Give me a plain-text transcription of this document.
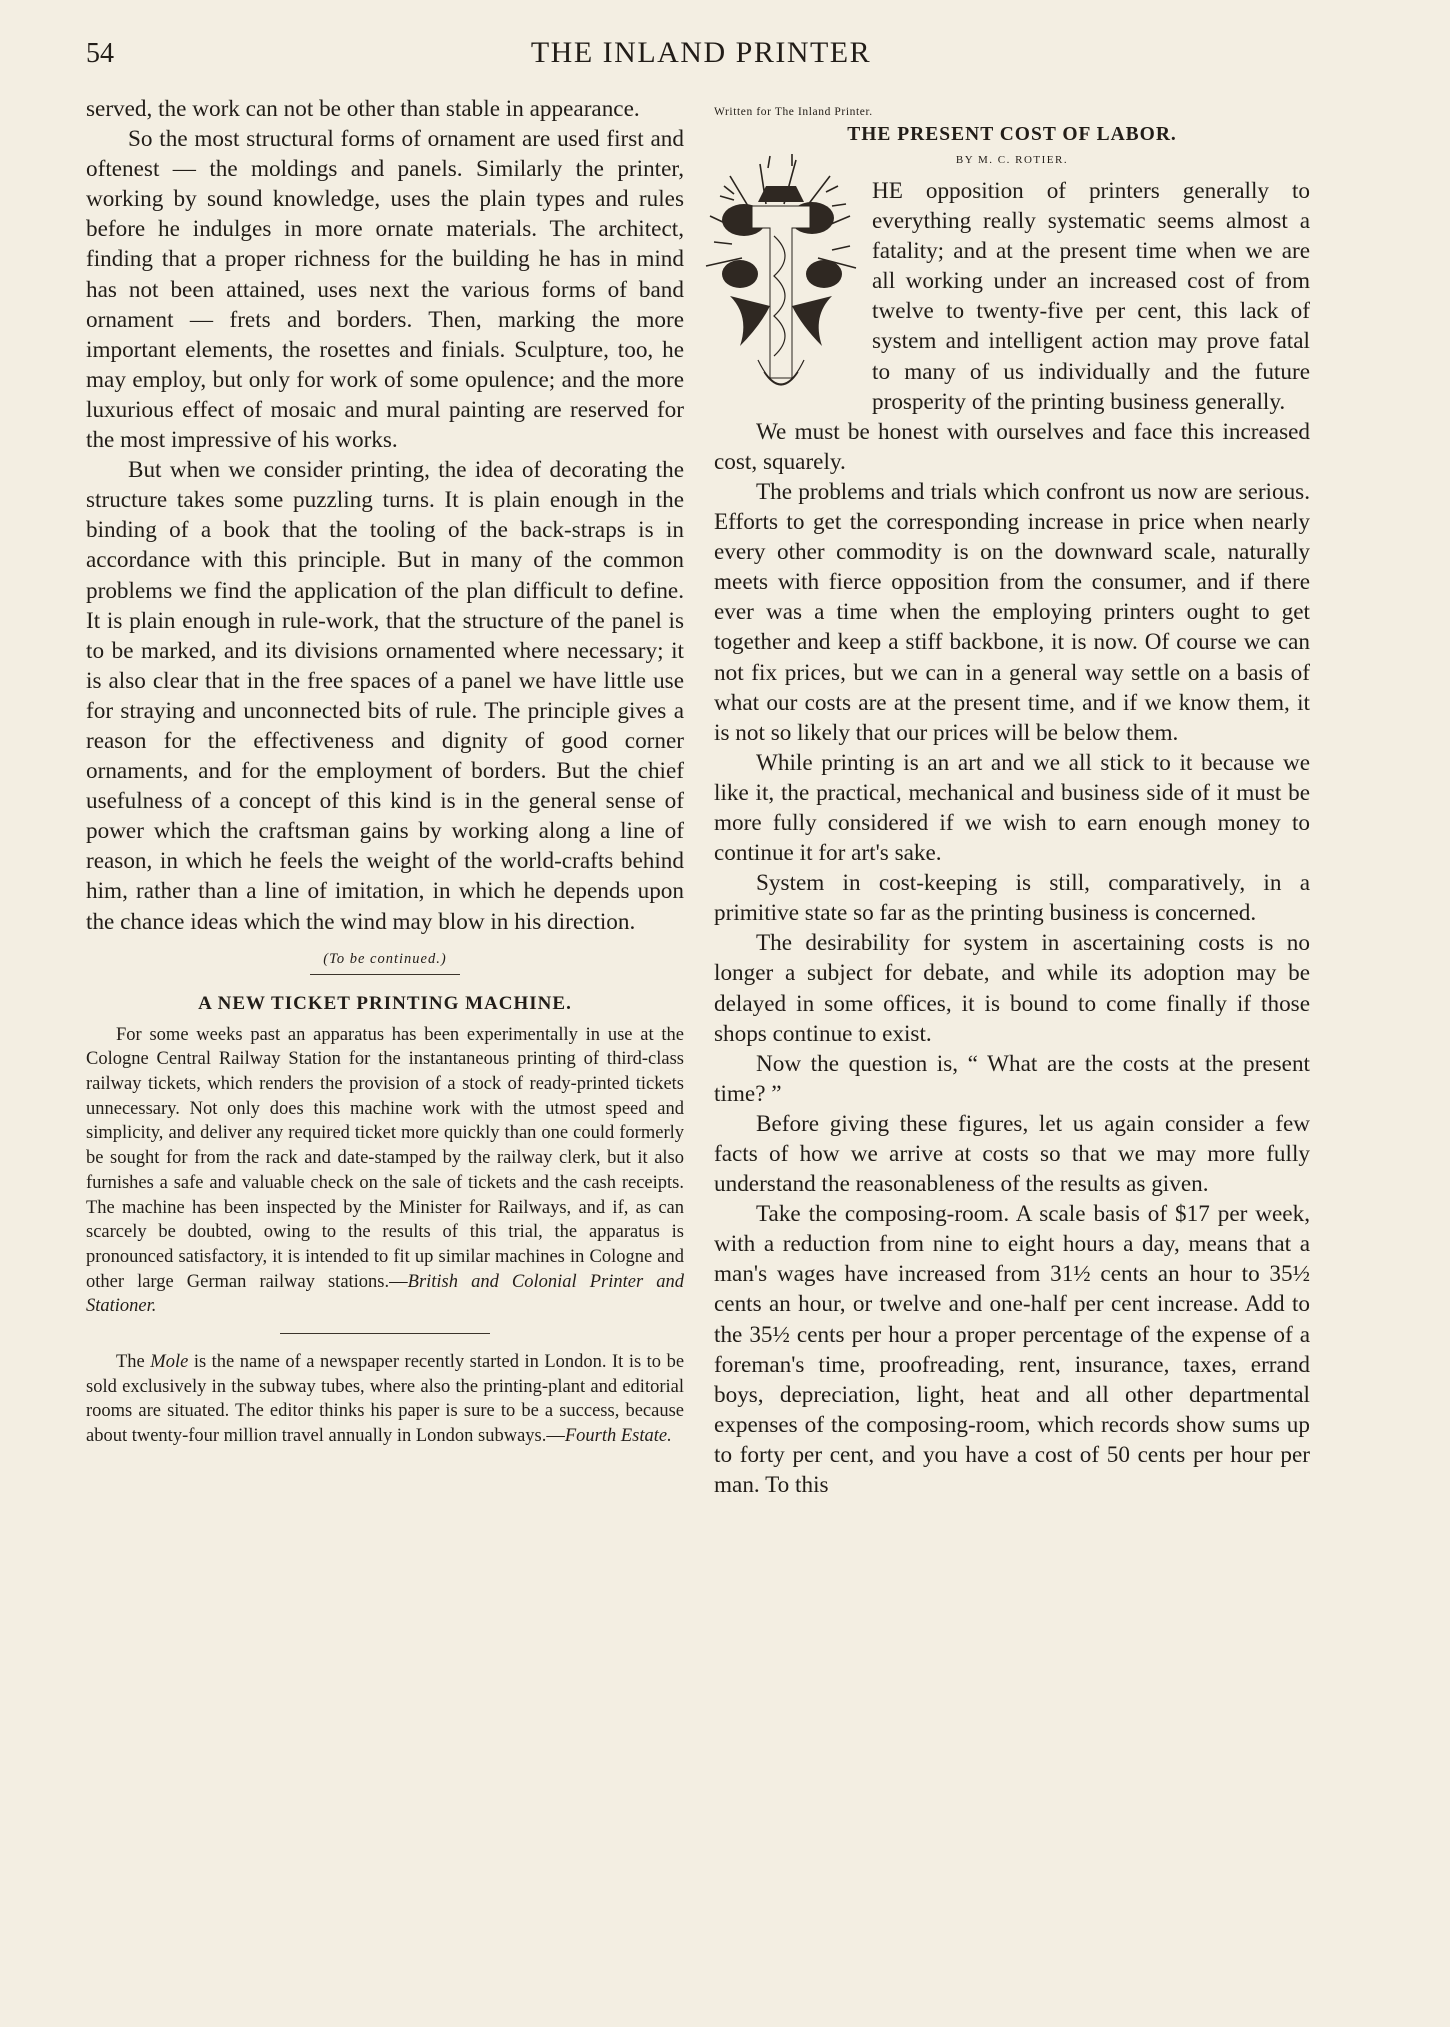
54	THE INLAND PRINTER

served, the work can not be other than stable in appearance.

So the most structural forms of ornament are used first and oftenest — the moldings and panels. Similarly the printer, working by sound knowledge, uses the plain types and rules before he indulges in more ornate materials. The architect, finding that a proper richness for the building he has in mind has not been attained, uses next the various forms of band ornament — frets and borders. Then, marking the more important elements, the rosettes and finials. Sculpture, too, he may employ, but only for work of some opulence; and the more luxurious effect of mosaic and mural painting are reserved for the most impressive of his works.

But when we consider printing, the idea of decorating the structure takes some puzzling turns. It is plain enough in the binding of a book that the tooling of the back-straps is in accordance with this principle. But in many of the common problems we find the application of the plan difficult to define. It is plain enough in rule-work, that the structure of the panel is to be marked, and its divisions ornamented where necessary; it is also clear that in the free spaces of a panel we have little use for straying and unconnected bits of rule. The principle gives a reason for the effectiveness and dignity of good corner ornaments, and for the employment of borders. But the chief usefulness of a concept of this kind is in the general sense of power which the craftsman gains by working along a line of reason, in which he feels the weight of the world-crafts behind him, rather than a line of imitation, in which he depends upon the chance ideas which the wind may blow in his direction.

(To be continued.)

A NEW TICKET PRINTING MACHINE.

For some weeks past an apparatus has been experimentally in use at the Cologne Central Railway Station for the instantaneous printing of third-class railway tickets, which renders the provision of a stock of ready-printed tickets unnecessary. Not only does this machine work with the utmost speed and simplicity, and deliver any required ticket more quickly than one could formerly be sought for from the rack and date-stamped by the railway clerk, but it also furnishes a safe and valuable check on the sale of tickets and the cash receipts. The machine has been inspected by the Minister for Railways, and if, as can scarcely be doubted, owing to the results of this trial, the apparatus is pronounced satisfactory, it is intended to fit up similar machines in Cologne and other large German railway stations.—British and Colonial Printer and Stationer.

The Mole is the name of a newspaper recently started in London. It is to be sold exclusively in the subway tubes, where also the printing-plant and editorial rooms are situated. The editor thinks his paper is sure to be a success, because about twenty-four million travel annually in London subways.—Fourth Estate.

Written for The Inland Printer.
THE PRESENT COST OF LABOR.
BY M. C. ROTIER.

HE opposition of printers generally to everything really systematic seems almost a fatality; and at the present time when we are all working under an increased cost of from twelve to twenty-five per cent, this lack of system and intelligent action may prove fatal to many of us individually and the future prosperity of the printing business generally.

We must be honest with ourselves and face this increased cost, squarely.

The problems and trials which confront us now are serious. Efforts to get the corresponding increase in price when nearly every other commodity is on the downward scale, naturally meets with fierce opposition from the consumer, and if there ever was a time when the employing printers ought to get together and keep a stiff backbone, it is now. Of course we can not fix prices, but we can in a general way settle on a basis of what our costs are at the present time, and if we know them, it is not so likely that our prices will be below them.

While printing is an art and we all stick to it because we like it, the practical, mechanical and business side of it must be more fully considered if we wish to earn enough money to continue it for art's sake.

System in cost-keeping is still, comparatively, in a primitive state so far as the printing business is concerned.

The desirability for system in ascertaining costs is no longer a subject for debate, and while its adoption may be delayed in some offices, it is bound to come finally if those shops continue to exist.

Now the question is, “ What are the costs at the present time? ”

Before giving these figures, let us again consider a few facts of how we arrive at costs so that we may more fully understand the reasonableness of the results as given.

Take the composing-room. A scale basis of $17 per week, with a reduction from nine to eight hours a day, means that a man's wages have increased from 31½ cents an hour to 35½ cents an hour, or twelve and one-half per cent increase. Add to the 35½ cents per hour a proper percentage of the expense of a foreman's time, proofreading, rent, insurance, taxes, errand boys, depreciation, light, heat and all other departmental expenses of the composing-room, which records show sums up to forty per cent, and you have a cost of 50 cents per hour per man. To this
